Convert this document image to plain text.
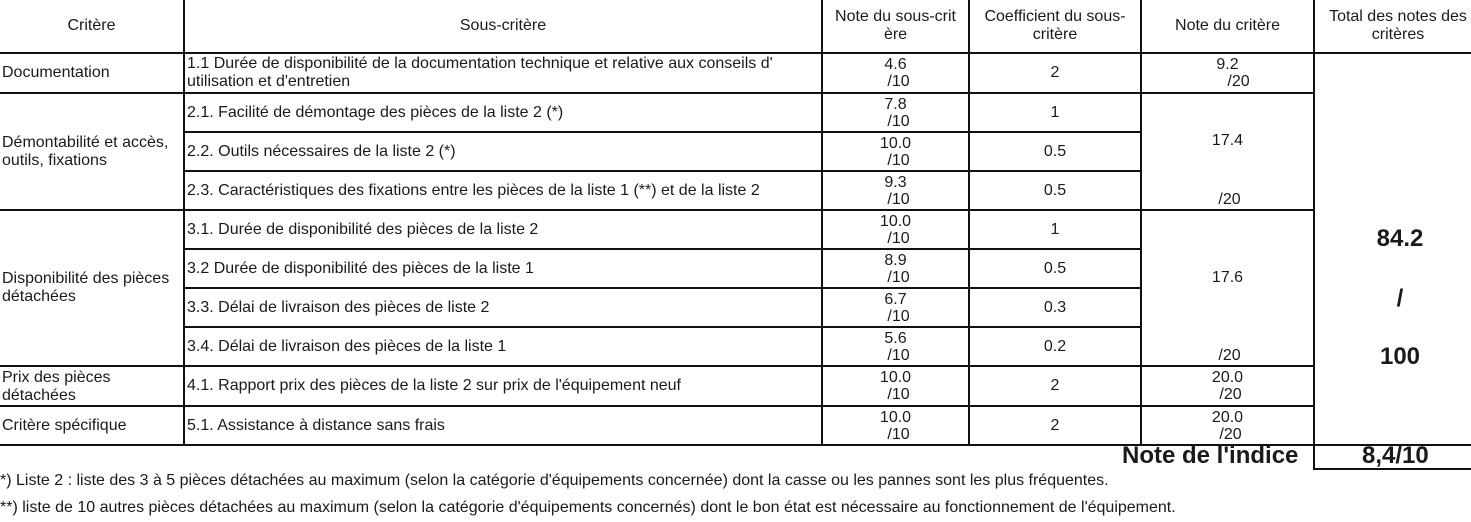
Critère	Sous-critère
Note du sous-crit ère
Coefficient du sous-critère
Note du critère
Total des notes des critères
Documentation
Démontabilité et accès, outils, fixations
Disponibilité des pièces détachées
Prix des pièces détachées
Critère spécifique
1.1 Durée de disponibilité de la documentation technique et relative aux conseils d' utilisation et d'entretien
2.1. Facilité de démontage des pièces de la liste 2 (*)
2.2. Outils nécessaires de la liste 2 (*)
2.3. Caractéristiques des fixations entre les pièces de la liste 1 (**) et de la liste 2
3.1. Durée de disponibilité des pièces de la liste 2
3.2 Durée de disponibilité des pièces de la liste 1
3.3. Délai de livraison des pièces de liste 2
3.4. Délai de livraison des pièces de la liste 1
4.1. Rapport prix des pièces de la liste 2 sur prix de l'équipement neuf
5.1. Assistance à distance sans frais
4.6
/10
7.8
/10
10.0
/10
9.3
/10
10.0
/10
8.9
/10
6.7
/10
5.6
/10
10.0
/10
10.0
/10
2
1
0.5
0.5
1
0.5
0.3
0.2
2
2
9.2
/20
17.4
/20
17.6
/20
20.0
/20
20.0
/20
84.2
/
100
Note de l'indice	8,4/10
*) Liste 2 : liste des 3 à 5 pièces détachées au maximum (selon la catégorie d'équipements concernée) dont la casse ou les pannes sont les plus fréquentes.
**) liste de 10 autres pièces détachées au maximum (selon la catégorie d'équipements concernés) dont le bon état est nécessaire au fonctionnement de l'équipement.
